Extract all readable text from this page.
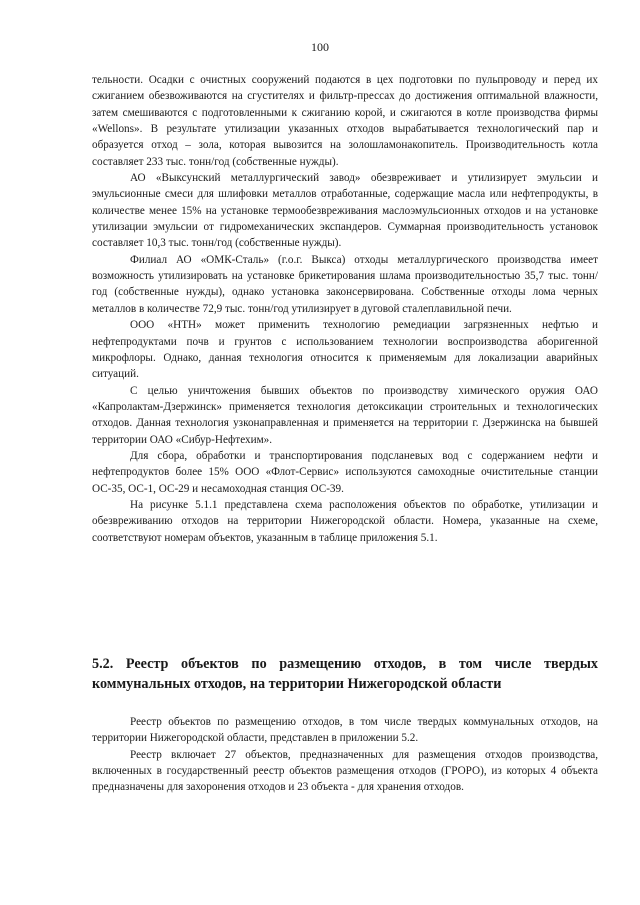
100

тельности. Осадки с очистных сооружений подаются в цех подготовки по пульпроводу и перед их сжиганием обезвоживаются на сгустителях и фильтр-прессах до достижения оптимальной влажности, затем смешиваются с подготовленными к сжиганию корой, и сжигаются в котле производства фирмы «Wellons». В результате утилизации указанных отходов вырабатывается технологический пар и образуется отход – зола, которая вывозится на золошламонакопитель. Производительность котла составляет 233 тыс. тонн/год (собственные нужды).

АО «Выксунский металлургический завод» обезвреживает и утилизирует эмульсии и эмульсионные смеси для шлифовки металлов отработанные, содержащие масла или нефтепродукты, в количестве менее 15% на установке термообезвреживания маслоэмульсионных отходов и на установке утилизации эмульсии от гидромеханических экспандеров. Суммарная производительность установок составляет 10,3 тыс. тонн/год (собственные нужды).

Филиал АО «ОМК-Сталь» (г.о.г. Выкса) отходы металлургического производства имеет возможность утилизировать на установке брикетирования шлама производительностью 35,7 тыс. тонн/год (собственные нужды), однако установка законсервирована. Собственные отходы лома черных металлов в количестве 72,9 тыс. тонн/год утилизирует в дуговой сталеплавильной печи.

ООО «НТН» может применить технологию ремедиации загрязненных нефтью и нефтепродуктами почв и грунтов с использованием технологии воспроизводства аборигенной микрофлоры. Однако, данная технология относится к применяемым для локализации аварийных ситуаций.

С целью уничтожения бывших объектов по производству химического оружия ОАО «Капролактам-Дзержинск» применяется технология детоксикации строительных и технологических отходов. Данная технология узконаправленная и применяется на территории г. Дзержинска на бывшей территории ОАО «Сибур-Нефтехим».

Для сбора, обработки и транспортирования подсланевых вод с содержанием нефти и нефтепродуктов более 15% ООО «Флот-Сервис» используются самоходные очистительные станции ОС-35, ОС-1, ОС-29 и несамоходная станция ОС-39.

На рисунке 5.1.1 представлена схема расположения объектов по обработке, утилизации и обезвреживанию отходов на территории Нижегородской области. Номера, указанные на схеме, соответствуют номерам объектов, указанным в таблице приложения 5.1.

5.2. Реестр объектов по размещению отходов, в том числе твердых коммунальных отходов, на территории Нижегородской области

Реестр объектов по размещению отходов, в том числе твердых коммунальных отходов, на территории Нижегородской области, представлен в приложении 5.2.

Реестр включает 27 объектов, предназначенных для размещения отходов производства, включенных в государственный реестр объектов размещения отходов (ГРОРО), из которых 4 объекта предназначены для захоронения отходов и 23 объекта - для хранения отходов.
